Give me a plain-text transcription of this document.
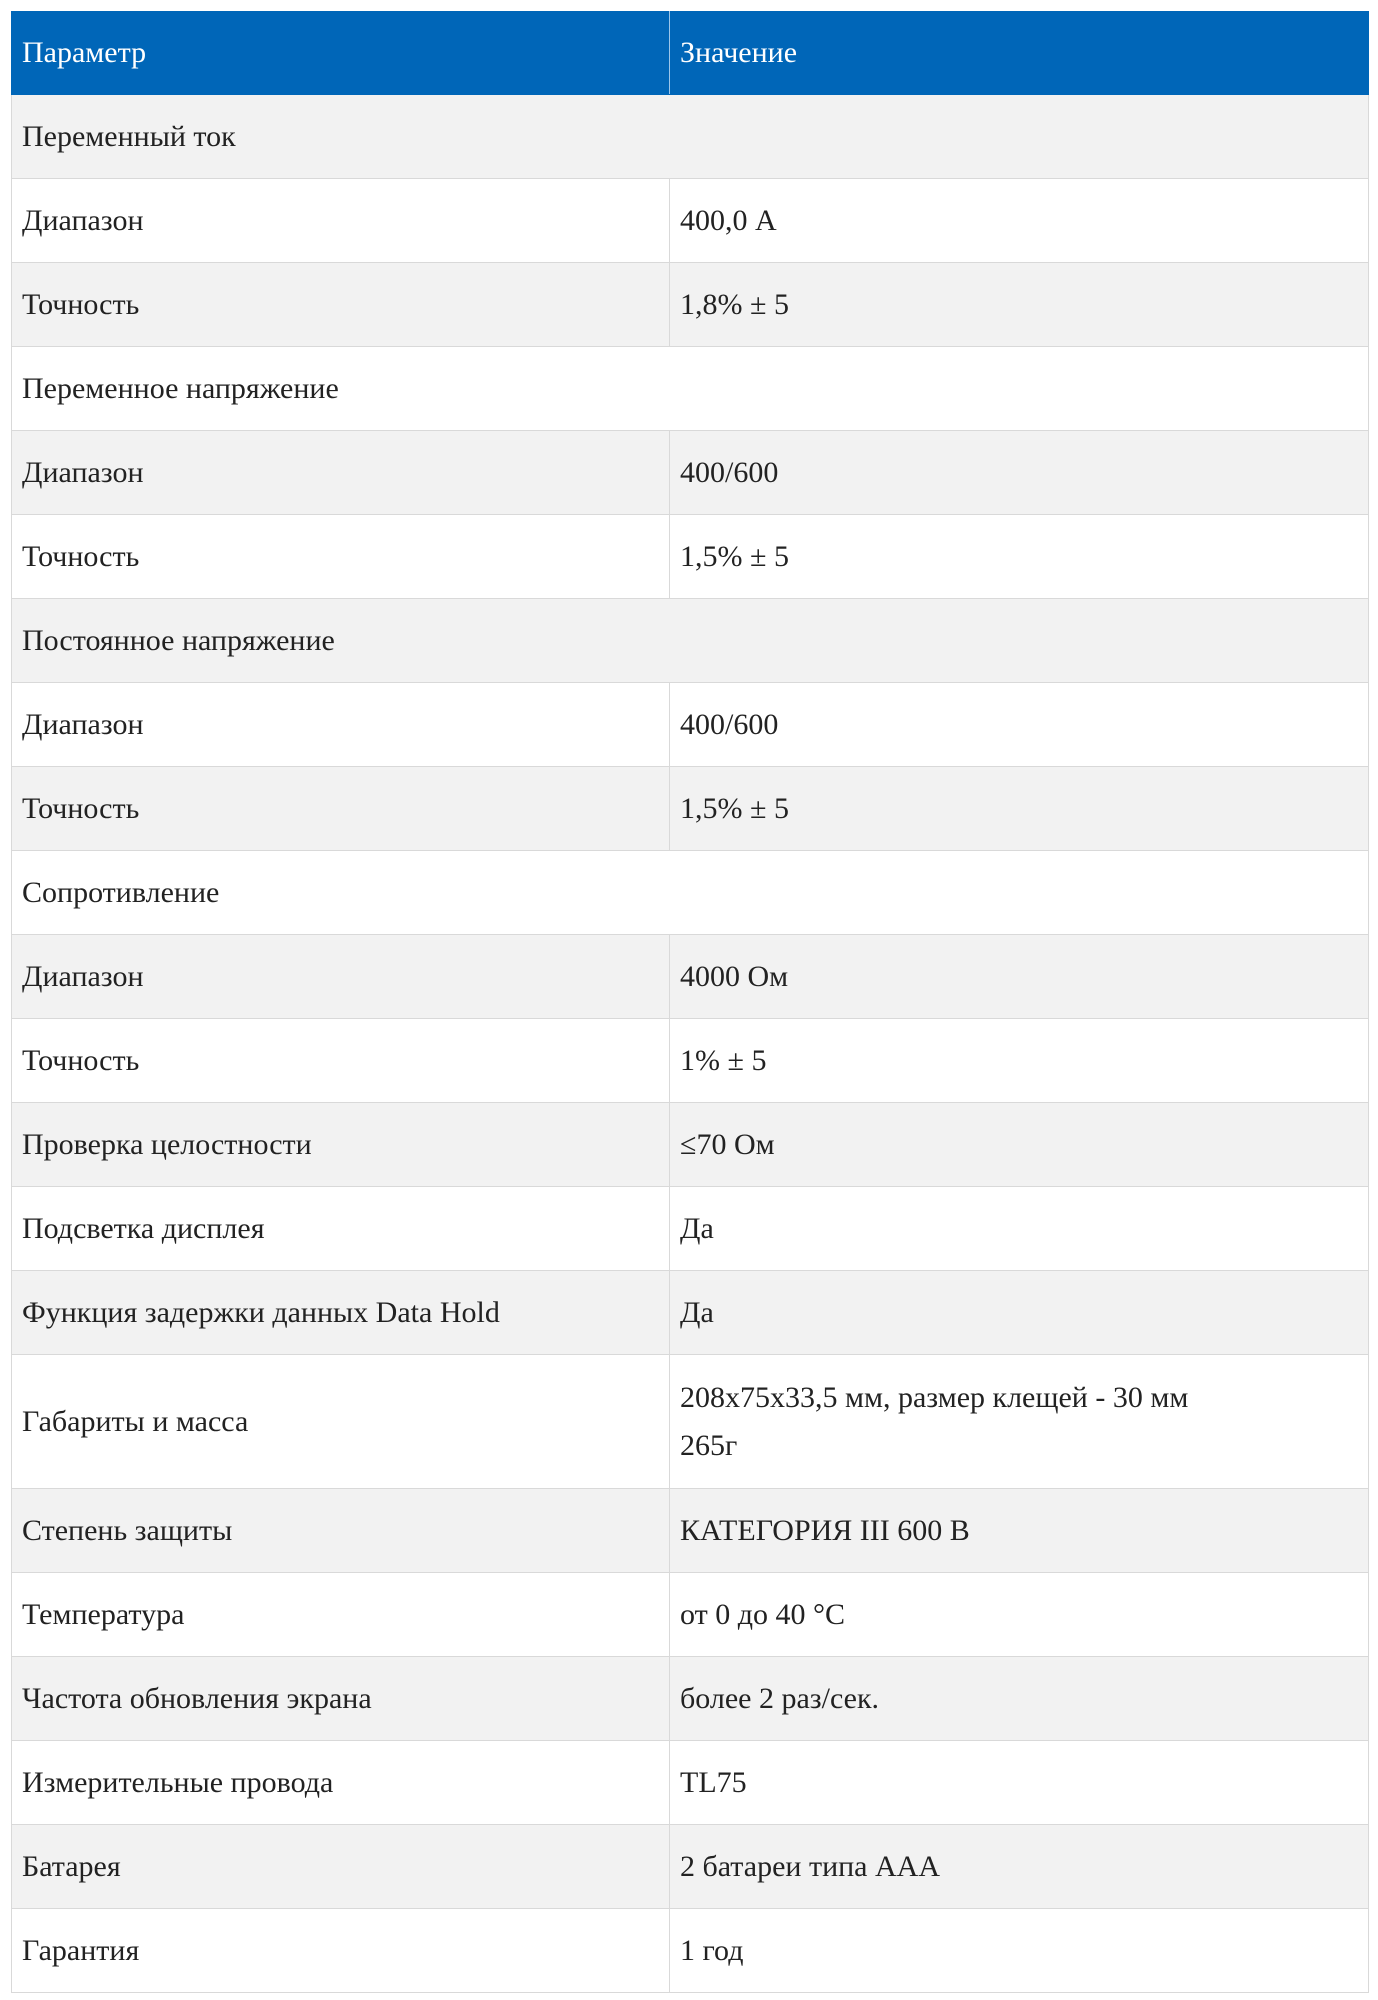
Параметр	Значение
Переменный ток	
Диапазон	400,0 А
Точность	1,8% ± 5
Переменное напряжение	
Диапазон	400/600
Точность	1,5% ± 5
Постоянное напряжение	
Диапазон	400/600
Точность	1,5% ± 5
Сопротивление	
Диапазон	4000 Ом
Точность	1% ± 5
Проверка целостности	≤70 Ом
Подсветка дисплея	Да
Функция задержки данных Data Hold	Да
Габариты и масса	208х75х33,5 мм, размер клещей - 30 мм
265г

Степень защиты	КАТЕГОРИЯ III 600 В
Температура	от 0 до 40 °С
Частота обновления экрана	более 2 раз/сек.
Измерительные провода	TL75
Батарея	2 батареи типа ААА
Гарантия	1 год
